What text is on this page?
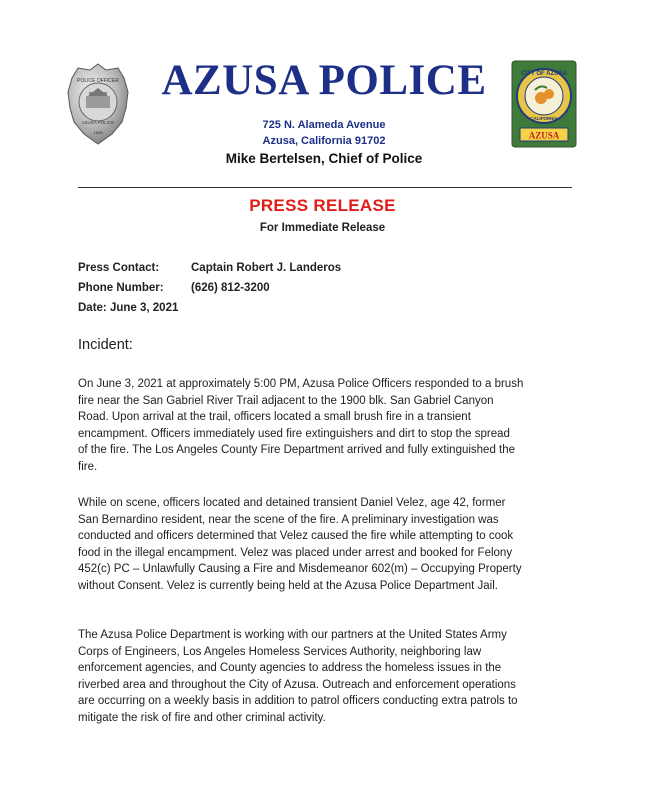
POLICE OFFICER
AZUSA POLICE
1898
AZUSA POLICE
725 N. Alameda Avenue
Azusa, California 91702
Mike Bertelsen, Chief of Police
CITY OF AZUSA
CALIFORNIA
AZUSA
PRESS RELEASE
For Immediate Release
Press Contact:	Captain Robert J. Landeros
Phone Number: (626) 812-3200
Date: June 3, 2021
Incident:

On June 3, 2021 at approximately 5:00 PM, Azusa Police Officers responded to a brush
fire near the San Gabriel River Trail adjacent to the 1900 blk. San Gabriel Canyon
Road. Upon arrival at the trail, officers located a small brush fire in a transient
encampment. Officers immediately used fire extinguishers and dirt to stop the spread
of the fire. The Los Angeles County Fire Department arrived and fully extinguished the
fire.

While on scene, officers located and detained transient Daniel Velez, age 42, former
San Bernardino resident, near the scene of the fire. A preliminary investigation was
conducted and officers determined that Velez caused the fire while attempting to cook
food in the illegal encampment. Velez was placed under arrest and booked for Felony
452(c) PC – Unlawfully Causing a Fire and Misdemeanor 602(m) – Occupying Property
without Consent. Velez is currently being held at the Azusa Police Department Jail.

The Azusa Police Department is working with our partners at the United States Army
Corps of Engineers, Los Angeles Homeless Services Authority, neighboring law
enforcement agencies, and County agencies to address the homeless issues in the
riverbed area and throughout the City of Azusa. Outreach and enforcement operations
are occurring on a weekly basis in addition to patrol officers conducting extra patrols to
mitigate the risk of fire and other criminal activity.
